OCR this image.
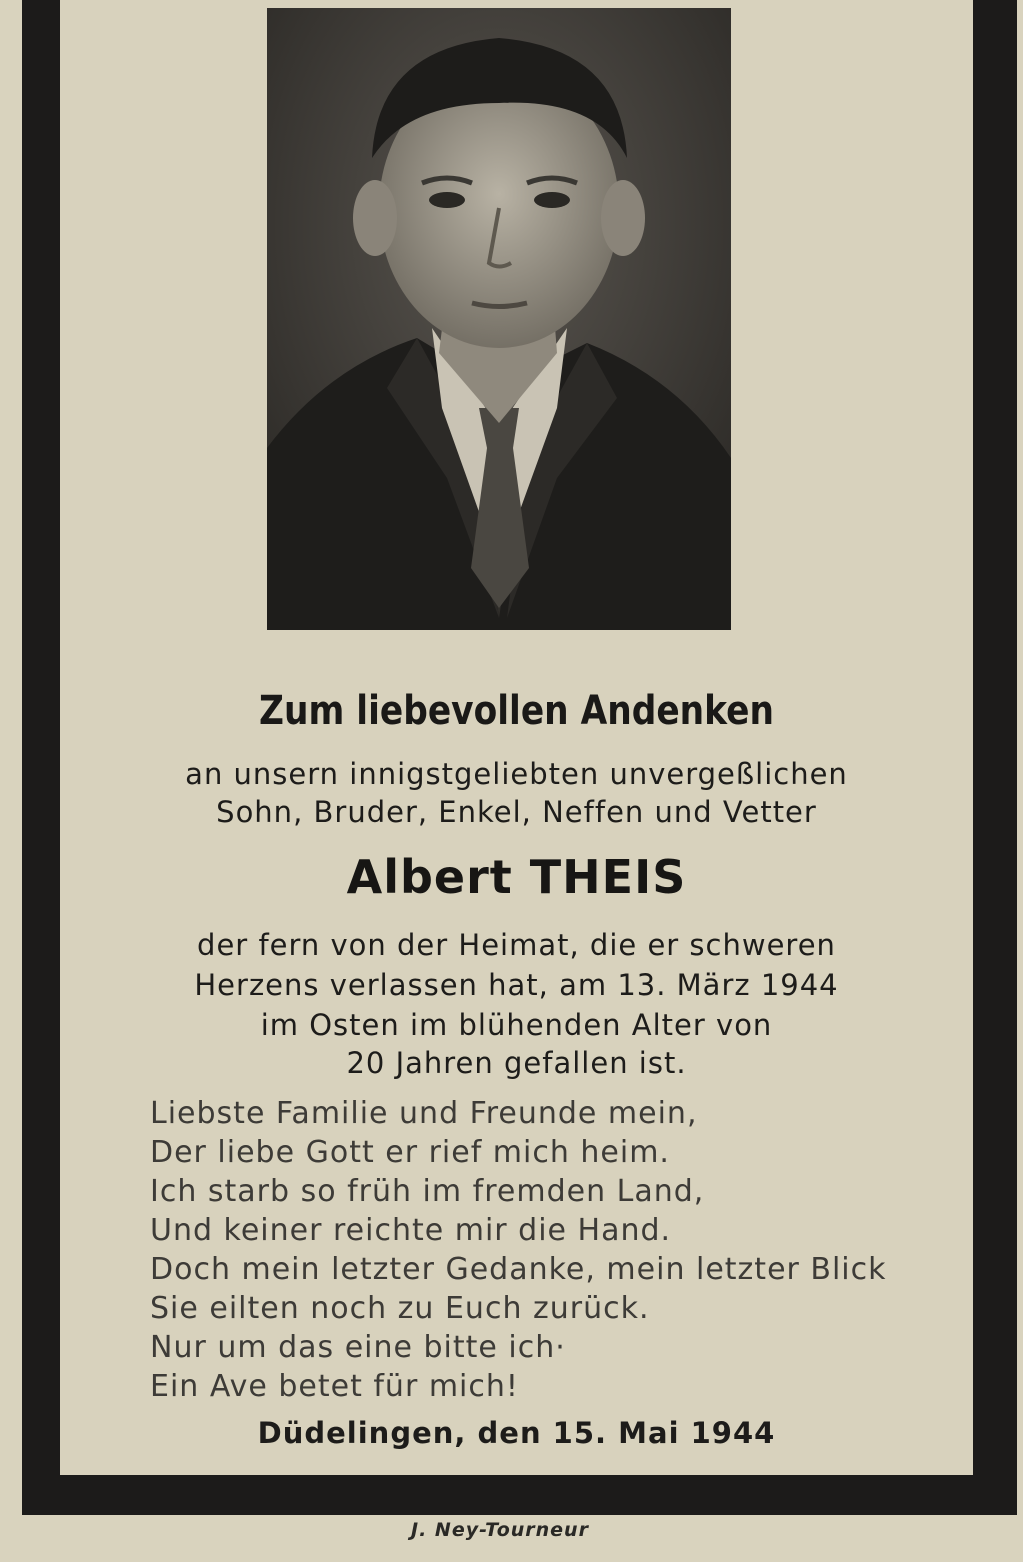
Zum liebevollen Andenken
an unsern innigstgeliebten unvergeßlichen
Sohn, Bruder, Enkel, Neffen und Vetter
Albert THEIS
der fern von der Heimat, die er schweren
Herzens verlassen hat, am 13. März 1944
im Osten im blühenden Alter von
20 Jahren gefallen ist.
Liebste Familie und Freunde mein,
Der liebe Gott er rief mich heim.
Ich starb so früh im fremden Land,
Und keiner reichte mir die Hand.
Doch mein letzter Gedanke, mein letzter Blick
Sie eilten noch zu Euch zurück.
Nur um das eine bitte ich·
Ein Ave betet für mich!
Düdelingen, den 15. Mai 1944
J. Ney-Tourneur
